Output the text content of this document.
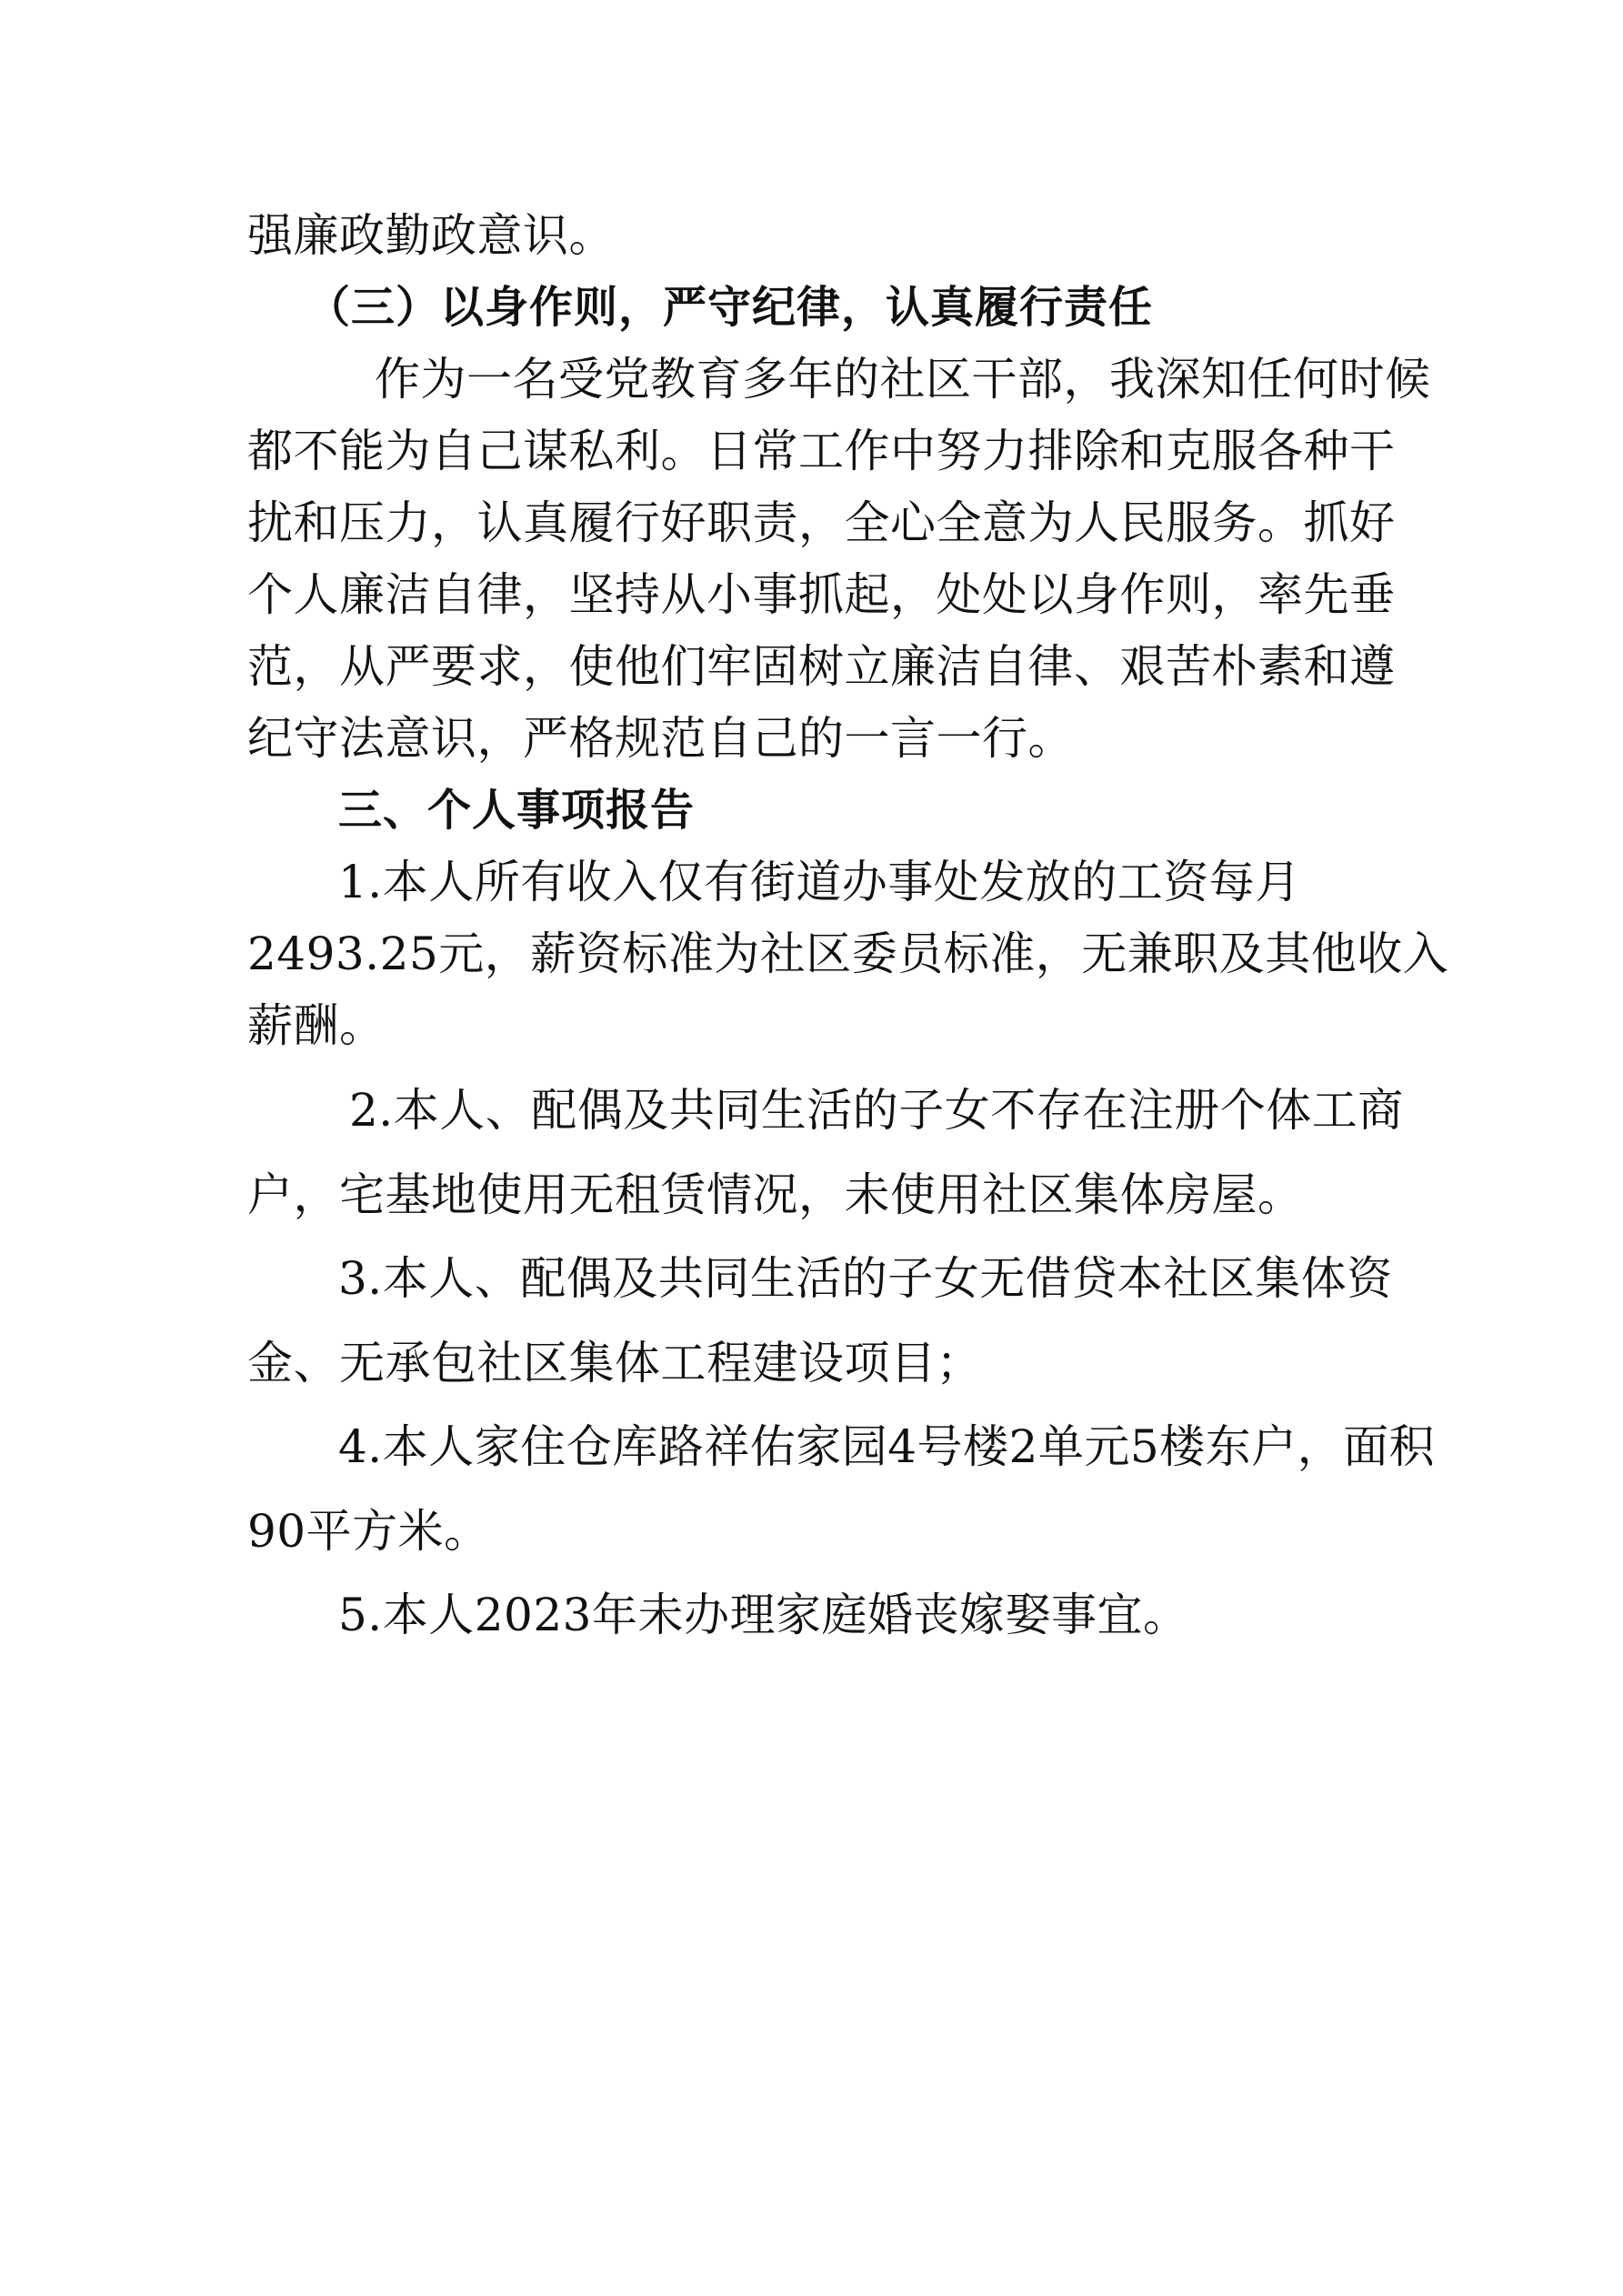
强廉政勤政意识。
（三）以身作则，严守纪律，认真履行责任
作为一名受党教育多年的社区干部，我深知任何时候
都不能为自己谋私利。日常工作中努力排除和克服各种干
扰和压力，认真履行好职责，全心全意为人民服务。抓好
个人廉洁自律，坚持从小事抓起，处处以身作则，率先垂
范，从严要求，使他们牢固树立廉洁自律、艰苦朴素和遵
纪守法意识，严格规范自己的一言一行。
三、个人事项报告
1.本人所有收入仅有街道办事处发放的工资每月
2493.25元，薪资标准为社区委员标准，无兼职及其他收入
薪酬。
2.本人、配偶及共同生活的子女不存在注册个体工商
户，宅基地使用无租赁情况，未使用社区集体房屋。
3.本人、配偶及共同生活的子女无借贷本社区集体资
金、无承包社区集体工程建设项目；
4.本人家住仓库路祥佑家园4号楼2单元5楼东户，面积
90平方米。
5.本人2023年未办理家庭婚丧嫁娶事宜。
